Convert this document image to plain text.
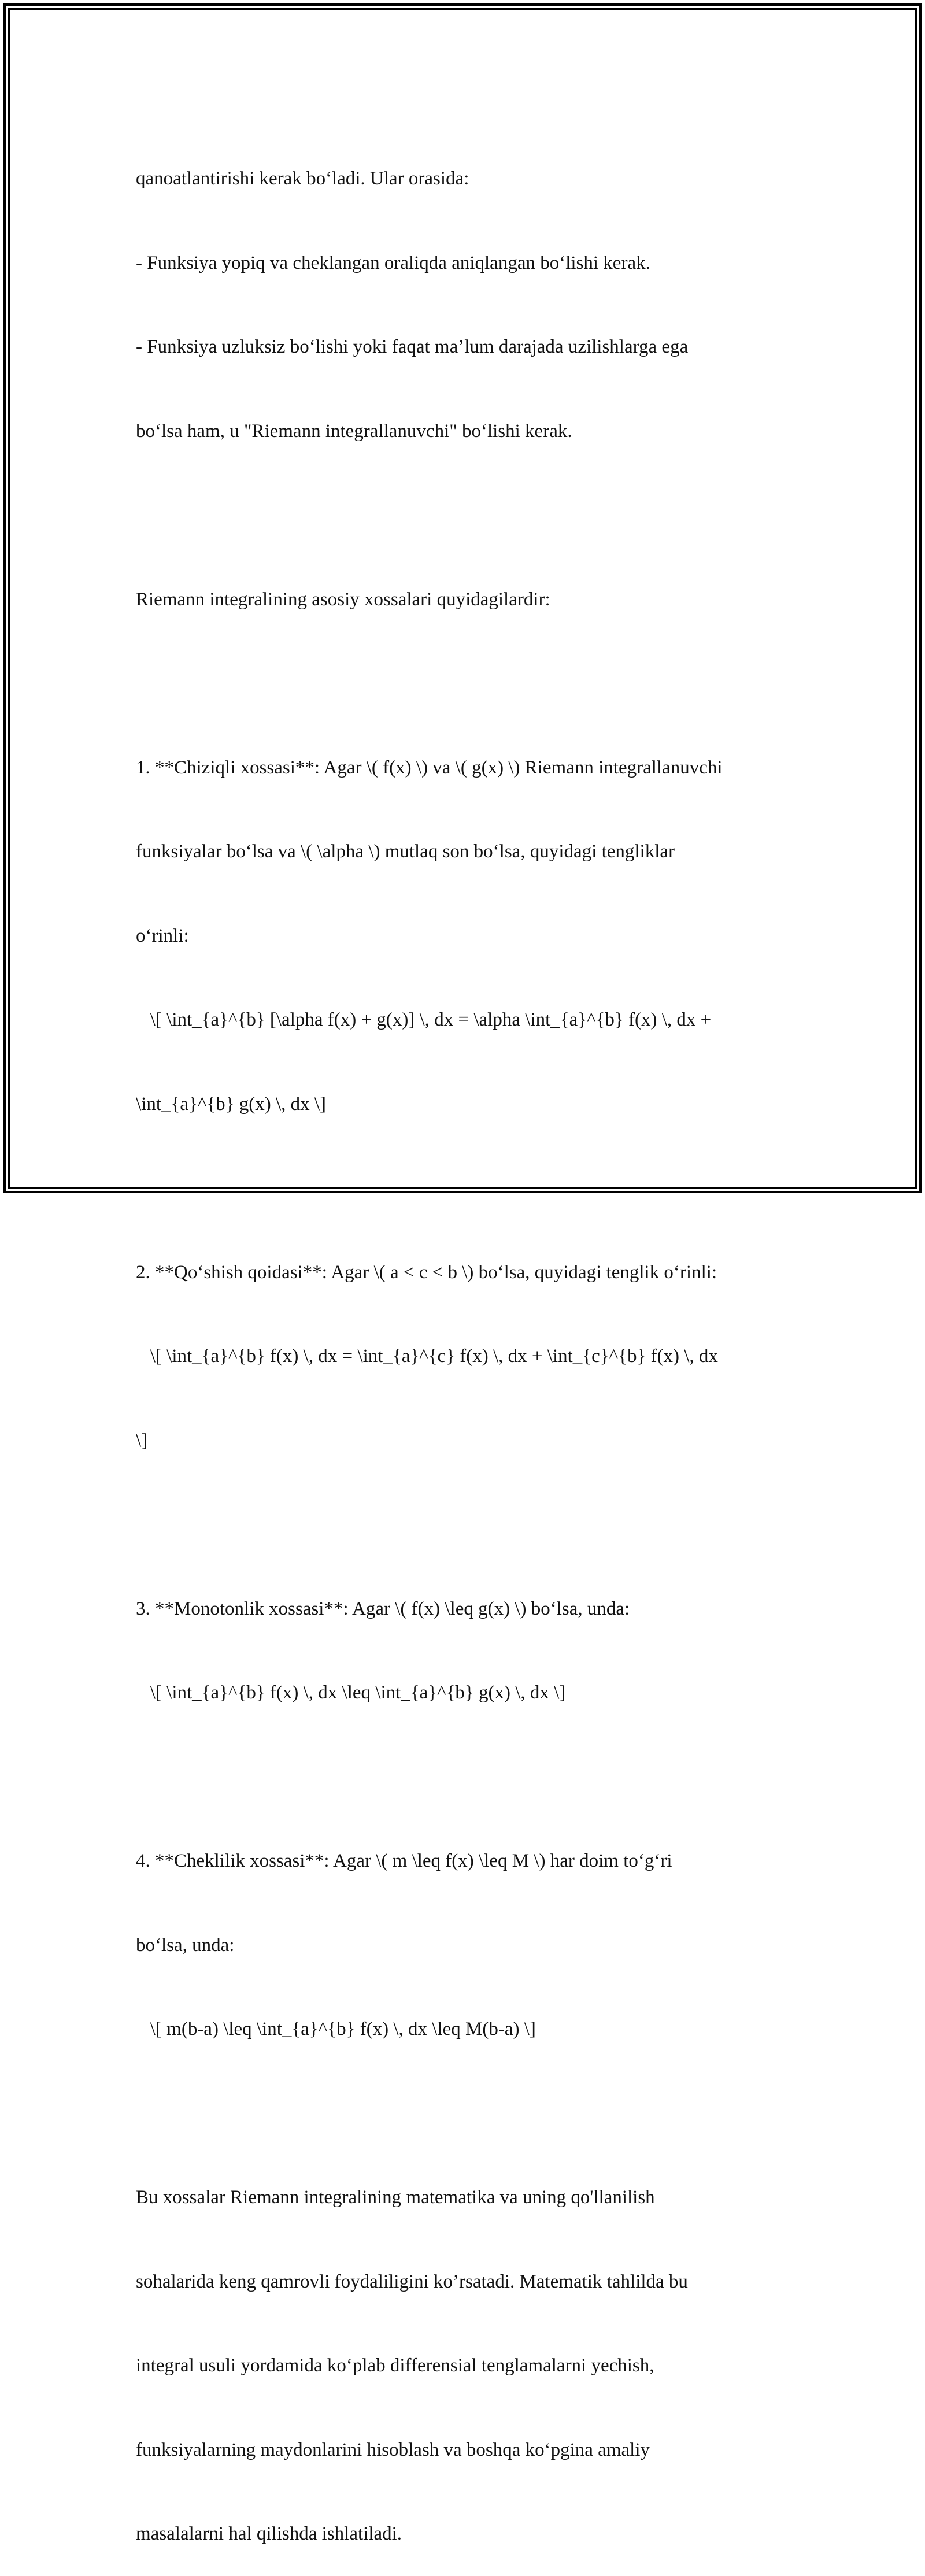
qanoatlantirishi kerak bo‘ladi. Ular orasida:

- Funksiya yopiq va cheklangan oraliqda aniqlangan bo‘lishi kerak.

- Funksiya uzluksiz bo‘lishi yoki faqat ma’lum darajada uzilishlarga ega

bo‘lsa ham, u "Riemann integrallanuvchi" bo‘lishi kerak.

Riemann integralining asosiy xossalari quyidagilardir:

1. **Chiziqli xossasi**: Agar \( f(x) \) va \( g(x) \) Riemann integrallanuvchi

funksiyalar bo‘lsa va \( \alpha \) mutlaq son bo‘lsa, quyidagi tengliklar

o‘rinli:

\[ \int_{a}^{b} [\alpha f(x) + g(x)] \, dx = \alpha \int_{a}^{b} f(x) \, dx +

\int_{a}^{b} g(x) \, dx \]

2. **Qo‘shish qoidasi**: Agar \( a < c < b \) bo‘lsa, quyidagi tenglik o‘rinli:

\[ \int_{a}^{b} f(x) \, dx = \int_{a}^{c} f(x) \, dx + \int_{c}^{b} f(x) \, dx

\]

3. **Monotonlik xossasi**: Agar \( f(x) \leq g(x) \) bo‘lsa, unda:

\[ \int_{a}^{b} f(x) \, dx \leq \int_{a}^{b} g(x) \, dx \]

4. **Cheklilik xossasi**: Agar \( m \leq f(x) \leq M \) har doim to‘g‘ri

bo‘lsa, unda:

\[ m(b-a) \leq \int_{a}^{b} f(x) \, dx \leq M(b-a) \]

Bu xossalar Riemann integralining matematika va uning qo'llanilish

sohalarida keng qamrovli foydaliligini ko’rsatadi. Matematik tahlilda bu

integral usuli yordamida ko‘plab differensial tenglamalarni yechish,

funksiyalarning maydonlarini hisoblash va boshqa ko‘pgina amaliy

masalalarni hal qilishda ishlatiladi.
